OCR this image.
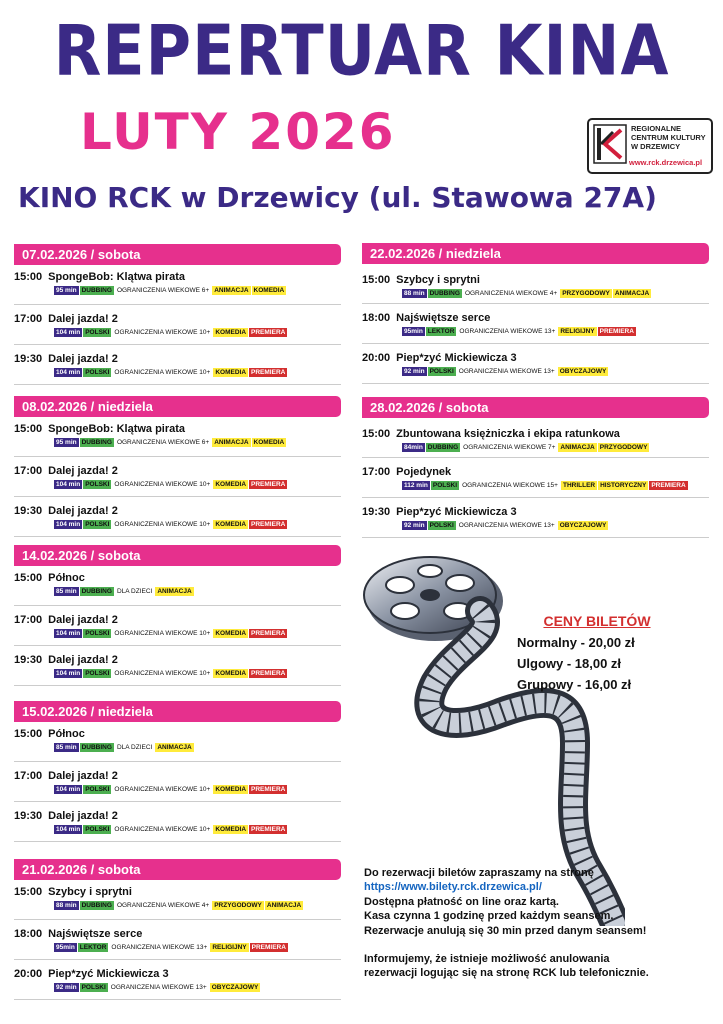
REPERTUAR KINA
LUTY 2026	REGIONALNE
CENTRUM KULTURY
W DRZEWICY
www.rck.drzewica.pl
KINO RCK w Drzewicy (ul. Stawowa 27A)
07.02.2026 / sobota
15:00 SpongeBob: Klątwa pirata
95 min DUBBING OGRANICZENIA WIEKOWE 6+ ANIMACJA KOMEDIA
17:00 Dalej jazda! 2
104 min POLSKI OGRANICZENIA WIEKOWE 10+ KOMEDIA PREMIERA
19:30 Dalej jazda! 2
104 min POLSKI OGRANICZENIA WIEKOWE 10+ KOMEDIA PREMIERA
08.02.2026 / niedziela
15:00 SpongeBob: Klątwa pirata
95 min DUBBING OGRANICZENIA WIEKOWE 6+ ANIMACJA KOMEDIA
17:00 Dalej jazda! 2
104 min POLSKI OGRANICZENIA WIEKOWE 10+ KOMEDIA PREMIERA
19:30 Dalej jazda! 2
104 min POLSKI OGRANICZENIA WIEKOWE 10+ KOMEDIA PREMIERA
14.02.2026 / sobota
15:00 Północ
85 min DUBBING DLA DZIECI ANIMACJA
17:00 Dalej jazda! 2
104 min POLSKI OGRANICZENIA WIEKOWE 10+ KOMEDIA PREMIERA
19:30 Dalej jazda! 2
104 min POLSKI OGRANICZENIA WIEKOWE 10+ KOMEDIA PREMIERA
15.02.2026 / niedziela
15:00 Północ
85 min DUBBING DLA DZIECI ANIMACJA
17:00 Dalej jazda! 2
104 min POLSKI OGRANICZENIA WIEKOWE 10+ KOMEDIA PREMIERA
19:30 Dalej jazda! 2
104 min POLSKI OGRANICZENIA WIEKOWE 10+ KOMEDIA PREMIERA
21.02.2026 / sobota
15:00 Szybcy i sprytni
88 min DUBBING OGRANICZENIA WIEKOWE 4+ PRZYGODOWY ANIMACJA
18:00 Najświętsze serce
95min LEKTOR OGRANICZENIA WIEKOWE 13+ RELIGIJNY PREMIERA
20:00 Piep*zyć Mickiewicza 3
92 min POLSKI OGRANICZENIA WIEKOWE 13+ OBYCZAJOWY
22.02.2026 / niedziela
15:00 Szybcy i sprytni
88 min DUBBING OGRANICZENIA WIEKOWE 4+ PRZYGODOWY ANIMACJA
18:00 Najświętsze serce
95min LEKTOR OGRANICZENIA WIEKOWE 13+ RELIGIJNY PREMIERA
20:00 Piep*zyć Mickiewicza 3
92 min POLSKI OGRANICZENIA WIEKOWE 13+ OBYCZAJOWY
28.02.2026 / sobota
15:00 Zbuntowana księżniczka i ekipa ratunkowa
84min DUBBING OGRANICZENIA WIEKOWE 7+ ANIMACJA PRZYGODOWY
17:00 Pojedynek
112 min POLSKI OGRANICZENIA WIEKOWE 15+ THRILLER HISTORYCZNY PREMIERA
19:30 Piep*zyć Mickiewicza 3
92 min POLSKI OGRANICZENIA WIEKOWE 13+ OBYCZAJOWY
CENY BILETÓW
Normalny - 20,00 zł
Ulgowy - 18,00 zł
Grupowy - 16,00 zł
Do rezerwacji biletów zapraszamy na stronę
https://www.bilety.rck.drzewica.pl/
Dostępna płatność on line oraz kartą.
Kasa czynna 1 godzinę przed każdym seansem.
Rezerwacje anulują się 30 min przed danym seansem!
Informujemy, że istnieje możliwość anulowania
rezerwacji logując się na stronę RCK lub telefonicznie.
